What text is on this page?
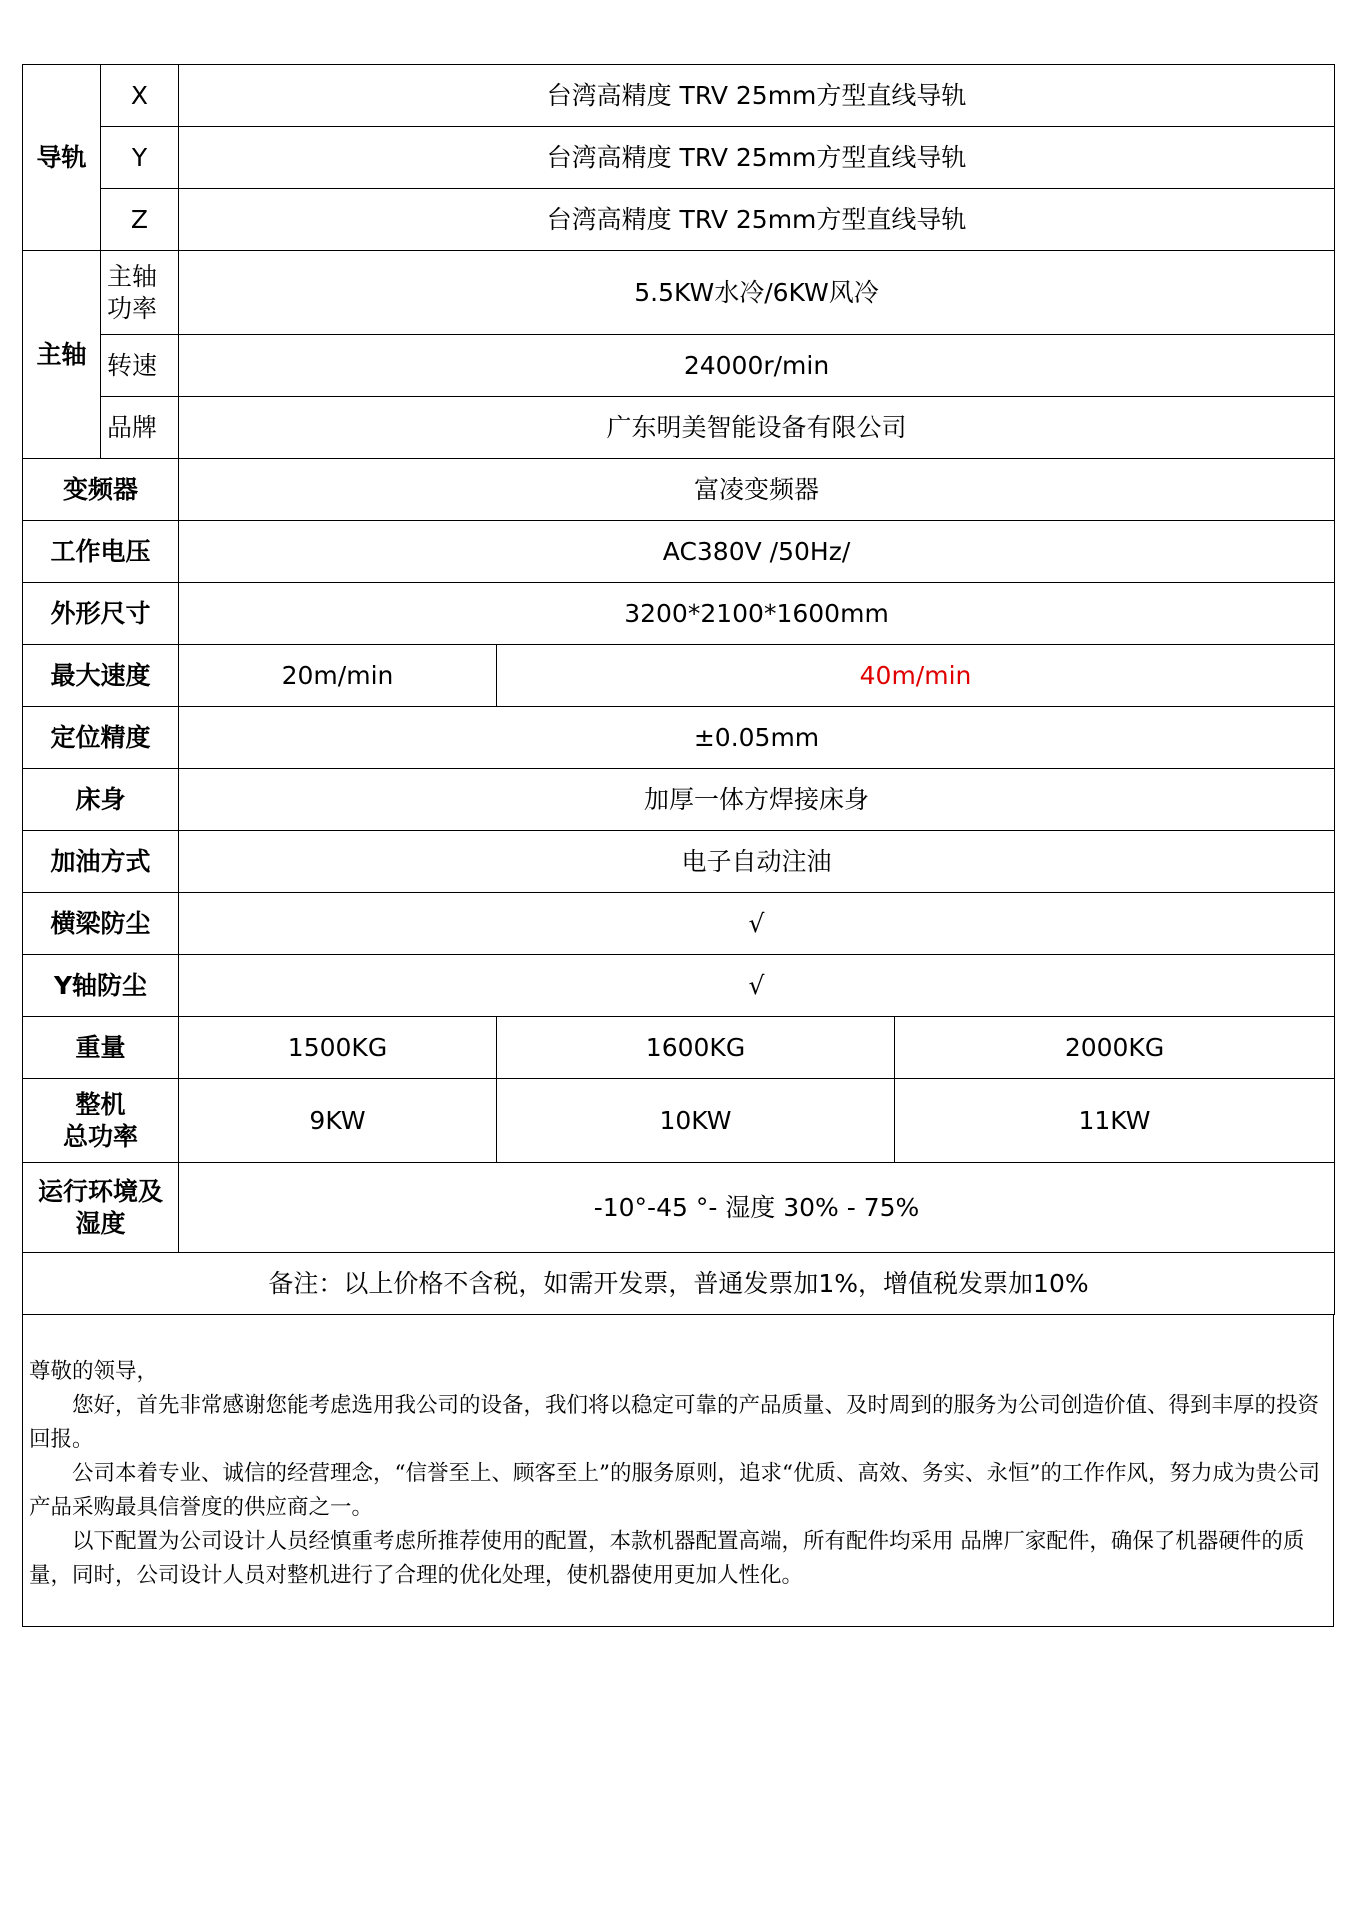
导轨	X	台湾高精度 TRV 25mm方型直线导轨		
	Y	台湾高精度 TRV 25mm方型直线导轨		
	Z	台湾高精度 TRV 25mm方型直线导轨		
主轴	主轴功率	5.5KW水冷/6KW风冷		
	转速	24000r/min		
	品牌	广东明美智能设备有限公司		
变频器		富凌变频器		
工作电压		AC380V /50Hz/		
外形尺寸		3200*2100*1600mm		
最大速度		20m/min	40m/min	
定位精度		±0.05mm		
床身		加厚一体方焊接床身		
加油方式		电子自动注油		
横梁防尘		√		
Y轴防尘		√		
重量		1500KG	1600KG	2000KG
整机
总功率		9KW	10KW	11KW
运行环境及
湿度		-10°-45 °- 湿度 30% - 75%		
备注：以上价格不含税，如需开发票，普通发票加1%，增值税发票加10%				

尊敬的领导，

您好，首先非常感谢您能考虑选用我公司的设备，我们将以稳定可靠的产品质量、及时周到的服务为公司创造价值、得到丰厚的投资回报。

公司本着专业、诚信的经营理念，“信誉至上、顾客至上”的服务原则，追求“优质、高效、务实、永恒”的工作作风，努力成为贵公司产品采购最具信誉度的供应商之一。

以下配置为公司设计人员经慎重考虑所推荐使用的配置，本款机器配置高端，所有配件均采用 品牌厂家配件，确保了机器硬件的质量，同时，公司设计人员对整机进行了合理的优化处理，使机器使用更加人性化。
